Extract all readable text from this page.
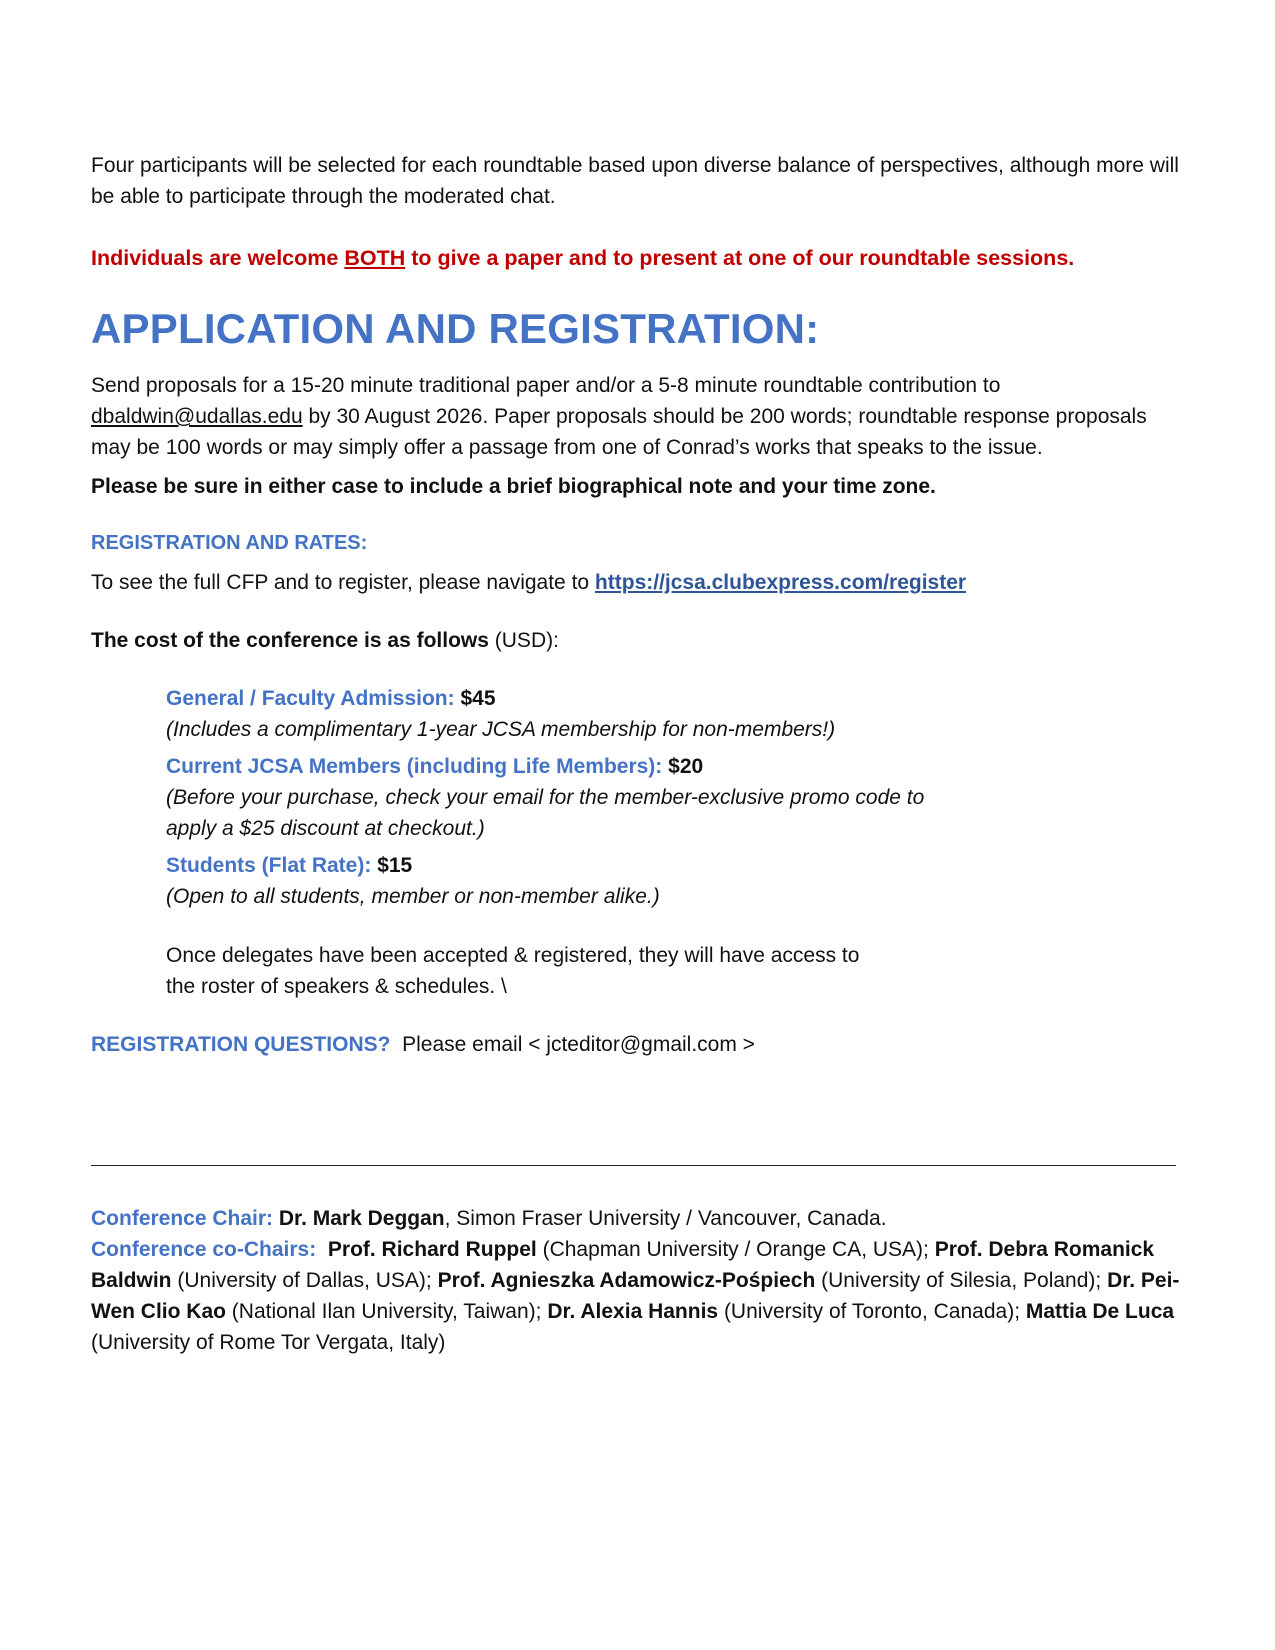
Four participants will be selected for each roundtable based upon diverse balance of perspectives, although more will be able to participate through the moderated chat.

Individuals are welcome BOTH to give a paper and to present at one of our roundtable sessions.

APPLICATION AND REGISTRATION:

Send proposals for a 15-20 minute traditional paper and/or a 5-8 minute roundtable contribution to dbaldwin@udallas.edu by 30 August 2026. Paper proposals should be 200 words; roundtable response proposals may be 100 words or may simply offer a passage from one of Conrad’s works that speaks to the issue.

Please be sure in either case to include a brief biographical note and your time zone.

REGISTRATION AND RATES:

To see the full CFP and to register, please navigate to https://jcsa.clubexpress.com/register

The cost of the conference is as follows (USD):

General / Faculty Admission: $45

(Includes a complimentary 1-year JCSA membership for non-members!)

Current JCSA Members (including Life Members): $20

(Before your purchase, check your email for the member-exclusive promo code to apply a $25 discount at checkout.)

Students (Flat Rate): $15

(Open to all students, member or non-member alike.)

Once delegates have been accepted & registered, they will have access to the roster of speakers & schedules. \

REGISTRATION QUESTIONS?  Please email < jcteditor@gmail.com >

Conference Chair: Dr. Mark Deggan, Simon Fraser University / Vancouver, Canada.

Conference co-Chairs: Prof. Richard Ruppel (Chapman University / Orange CA, USA); Prof. Debra Romanick Baldwin (University of Dallas, USA); Prof. Agnieszka Adamowicz-Pośpiech (University of Silesia, Poland); Dr. Pei-Wen Clio Kao (National Ilan University, Taiwan); Dr. Alexia Hannis (University of Toronto, Canada); Mattia De Luca (University of Rome Tor Vergata, Italy)
